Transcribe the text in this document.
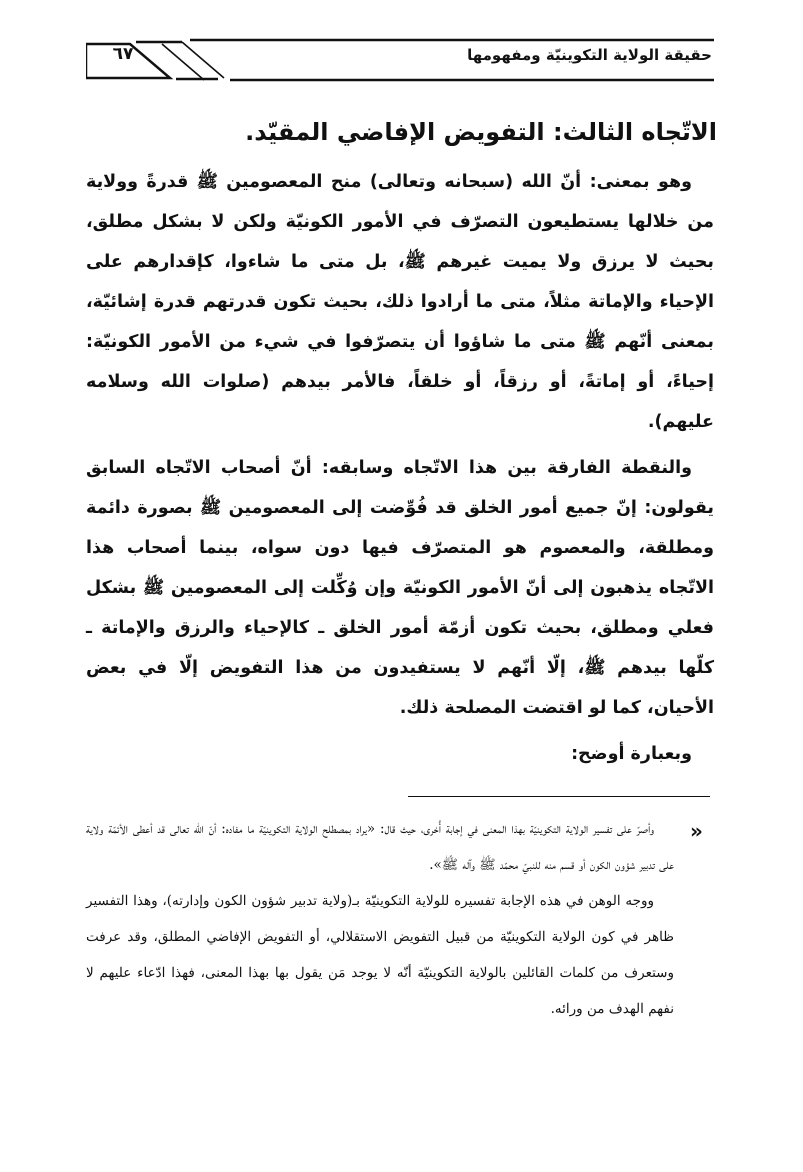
٦٧	حقيقة الولاية التكوينيّة ومفهومها
الاتّجاه الثالث: التفويض الإفاضي المقيّد.

وهو بمعنى: أنّ الله (سبحانه وتعالى) منح المعصومين ﷺ قدرةً وولاية من خلالها يستطيعون التصرّف في الأمور الكونيّة ولكن لا بشكل مطلق، بحيث لا يرزق ولا يميت غيرهم ﷺ، بل متى ما شاءوا، كإقدارهم على الإحياء والإماتة مثلاً، متى ما أرادوا ذلك، بحيث تكون قدرتهم قدرة إشائيّة، بمعنى أنّهم ﷺ متى ما شاؤوا أن يتصرّفوا في شيء من الأمور الكونيّة: إحياءً، أو إماتةً، أو رزقاً، أو خلقاً، فالأمر بيدهم (صلوات الله وسلامه عليهم).

والنقطة الفارقة بين هذا الاتّجاه وسابقه: أنّ أصحاب الاتّجاه السابق يقولون: إنّ جميع أمور الخلق قد فُوِّضت إلى المعصومين ﷺ بصورة دائمة ومطلقة، والمعصوم هو المتصرّف فيها دون سواه، بينما أصحاب هذا الاتّجاه يذهبون إلى أنّ الأمور الكونيّة وإن وُكِّلت إلى المعصومين ﷺ بشكل فعلي ومطلق، بحيث تكون أزمّة أمور الخلق ـ كالإحياء والرزق والإماتة ـ كلّها بيدهم ﷺ، إلّا أنّهم لا يستفيدون من هذا التفويض إلّا في بعض الأحيان، كما لو اقتضت المصلحة ذلك.

وبعبارة أوضح:

»

وأصرّ على تفسير الولاية التكوينيّة بهذا المعنى في إجابة أُخرى، حيث قال: «يراد بمصطلح الولاية التكوينيّة ما مفاده: أنّ الله تعالى قد أعطى الأئمّة ولاية على تدبير شؤون الكون أو قسم منه للنبيّ محمّد ﷺ وآله ﷺ».

ووجه الوهن في هذه الإجابة تفسيره للولاية التكوينيّة بـ(ولاية تدبير شؤون الكون وإدارته)، وهذا التفسير ظاهر في كون الولاية التكوينيّة من قبيل التفويض الاستقلالي، أو التفويض الإفاضي المطلق، وقد عرفت وستعرف من كلمات القائلين بالولاية التكوينيّة أنّه لا يوجد مَن يقول بها بهذا المعنى، فهذا ادّعاء عليهم لا نفهم الهدف من ورائه.
